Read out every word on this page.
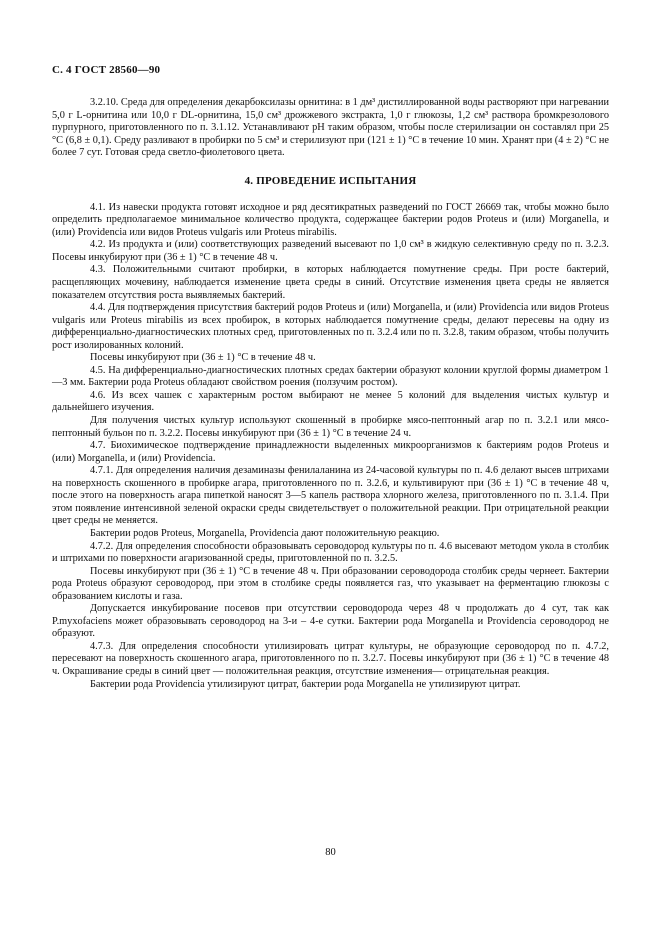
С. 4 ГОСТ 28560—90

3.2.10. Среда для определения декарбоксилазы орнитина: в 1 дм³ дистиллированной воды растворяют при нагревании 5,0 г L-орнитина или 10,0 г DL-орнитина, 15,0 см³ дрожжевого экстракта, 1,0 г глюкозы, 1,2 см³ раствора бромкрезолового пурпурного, приготовленного по п. 3.1.12. Устанавливают pH таким образом, чтобы после стерилизации он составлял при 25 °С (6,8 ± 0,1). Среду разливают в пробирки по 5 см³ и стерилизуют при (121 ± 1) °С в течение 10 мин. Хранят при (4 ± 2) °С не более 7 сут. Готовая среда светло-фиолетового цвета.

4. ПРОВЕДЕНИЕ ИСПЫТАНИЯ

4.1. Из навески продукта готовят исходное и ряд десятикратных разведений по ГОСТ 26669 так, чтобы можно было определить предполагаемое минимальное количество продукта, содержащее бактерии родов Proteus и (или) Morganella, и (или) Providencia или видов Proteus vulgaris или Proteus mirabilis.

4.2. Из продукта и (или) соответствующих разведений высевают по 1,0 см³ в жидкую селективную среду по п. 3.2.3. Посевы инкубируют при (36 ± 1) °С в течение 48 ч.

4.3. Положительными считают пробирки, в которых наблюдается помутнение среды. При росте бактерий, расщепляющих мочевину, наблюдается изменение цвета среды в синий. Отсутствие изменения цвета среды не является показателем отсутствия роста выявляемых бактерий.

4.4. Для подтверждения присутствия бактерий родов Proteus и (или) Morganella, и (или) Providencia или видов Proteus vulgaris или Proteus mirabilis из всех пробирок, в которых наблюдается помутнение среды, делают пересевы на одну из дифференциально-диагностических плотных сред, приготовленных по п. 3.2.4 или по п. 3.2.8, таким образом, чтобы получить рост изолированных колоний.

Посевы инкубируют при (36 ± 1) °С в течение 48 ч.

4.5. На дифференциально-диагностических плотных средах бактерии образуют колонии круглой формы диаметром 1—3 мм. Бактерии рода Proteus обладают свойством роения (ползучим ростом).

4.6. Из всех чашек с характерным ростом выбирают не менее 5 колоний для выделения чистых культур и дальнейшего изучения.

Для получения чистых культур используют скошенный в пробирке мясо-пептонный агар по п. 3.2.1 или мясо-пептонный бульон по п. 3.2.2. Посевы инкубируют при (36 ± 1) °С в течение 24 ч.

4.7. Биохимическое подтверждение принадлежности выделенных микроорганизмов к бактериям родов Proteus и (или) Morganella, и (или) Providencia.

4.7.1. Для определения наличия дезаминазы фенилаланина из 24-часовой культуры по п. 4.6 делают высев штрихами на поверхность скошенного в пробирке агара, приготовленного по п. 3.2.6, и культивируют при (36 ± 1) °С в течение 48 ч, после этого на поверхность агара пипеткой наносят 3—5 капель раствора хлорного железа, приготовленного по п. 3.1.4. При этом появление интенсивной зеленой окраски среды свидетельствует о положительной реакции. При отрицательной реакции цвет среды не меняется.

Бактерии родов Proteus, Morganella, Providencia дают положительную реакцию.

4.7.2. Для определения способности образовывать сероводород культуры по п. 4.6 высевают методом укола в столбик и штрихами по поверхности агаризованной среды, приготовленной по п. 3.2.5.

Посевы инкубируют при (36 ± 1) °С в течение 48 ч. При образовании сероводорода столбик среды чернеет. Бактерии рода Proteus образуют сероводород, при этом в столбике среды появляется газ, что указывает на ферментацию глюкозы с образованием кислоты и газа.

Допускается инкубирование посевов при отсутствии сероводорода через 48 ч продолжать до 4 сут, так как P.myxofaciens может образовывать сероводород на 3-и – 4-е сутки. Бактерии рода Morganella и Providencia сероводород не образуют.

4.7.3. Для определения способности утилизировать цитрат культуры, не образующие сероводород по п. 4.7.2, пересевают на поверхность скошенного агара, приготовленного по п. 3.2.7. Посевы инкубируют при (36 ± 1) °С в течение 48 ч. Окрашивание среды в синий цвет — положительная реакция, отсутствие изменения— отрицательная реакция.

Бактерии рода Providencia утилизируют цитрат, бактерии рода Morganella не утилизируют цитрат.

80
